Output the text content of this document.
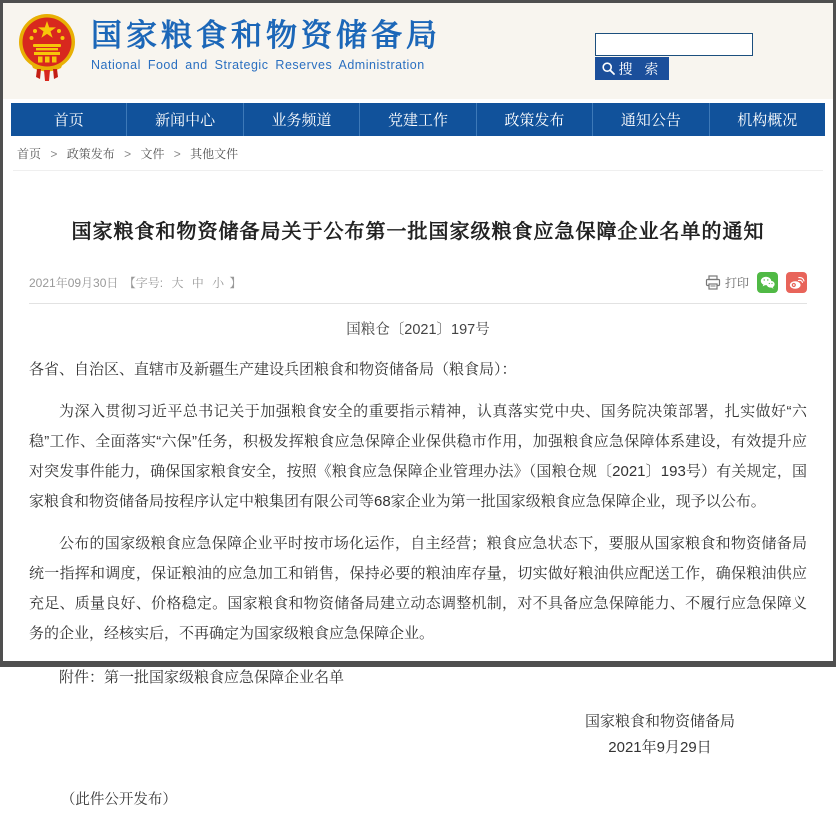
国家粮食和物资储备局
National Food and Strategic Reserves Administration	搜 索
首页	新闻中心	业务频道	党建工作	政策发布	通知公告	机构概况
首页 > 政策发布 > 文件 > 其他文件
国家粮食和物资储备局关于公布第一批国家级粮食应急保障企业名单的通知
2021年09月30日 【字号: 大 中 小 】	打印
国粮仓〔2021〕197号

各省、自治区、直辖市及新疆生产建设兵团粮食和物资储备局（粮食局）：

为深入贯彻习近平总书记关于加强粮食安全的重要指示精神，认真落实党中央、国务院决策部署，扎实做好“六稳”工作、全面落实“六保”任务，积极发挥粮食应急保障企业保供稳市作用，加强粮食应急保障体系建设，有效提升应对突发事件能力，确保国家粮食安全，按照《粮食应急保障企业管理办法》（国粮仓规〔2021〕193号）有关规定，国家粮食和物资储备局按程序认定中粮集团有限公司等68家企业为第一批国家级粮食应急保障企业，现予以公布。

公布的国家级粮食应急保障企业平时按市场化运作，自主经营；粮食应急状态下，要服从国家粮食和物资储备局统一指挥和调度，保证粮油的应急加工和销售，保持必要的粮油库存量，切实做好粮油供应配送工作，确保粮油供应充足、质量良好、价格稳定。国家粮食和物资储备局建立动态调整机制，对不具备应急保障能力、不履行应急保障义务的企业，经核实后，不再确定为国家级粮食应急保障企业。

附件：第一批国家级粮食应急保障企业名单

国家粮食和物资储备局
2021年9月29日

（此件公开发布）
